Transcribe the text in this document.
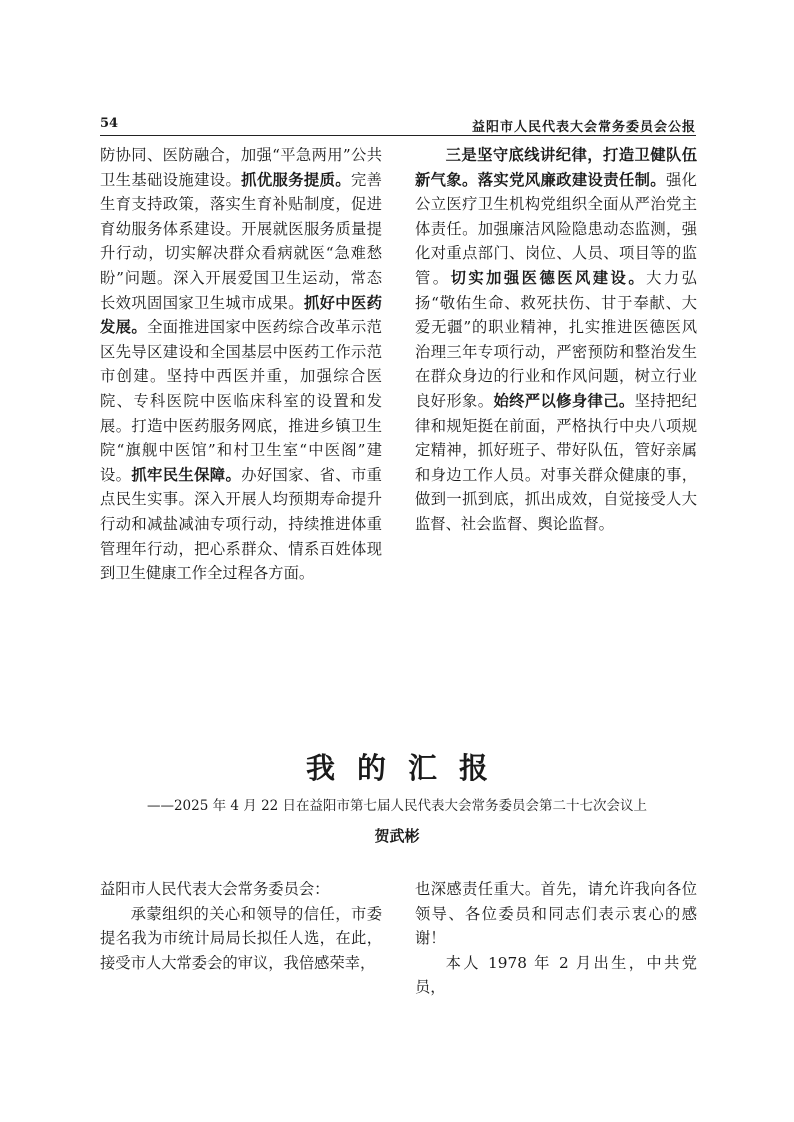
54	益阳市人民代表大会常务委员会公报

防协同、医防融合，加强“平急两用”公共卫生基础设施建设。抓优服务提质。完善生育支持政策，落实生育补贴制度，促进育幼服务体系建设。开展就医服务质量提升行动，切实解决群众看病就医“急难愁盼”问题。深入开展爱国卫生运动，常态长效巩固国家卫生城市成果。抓好中医药发展。全面推进国家中医药综合改革示范区先导区建设和全国基层中医药工作示范市创建。坚持中西医并重，加强综合医院、专科医院中医临床科室的设置和发展。打造中医药服务网底，推进乡镇卫生院“旗舰中医馆”和村卫生室“中医阁”建设。抓牢民生保障。办好国家、省、市重点民生实事。深入开展人均预期寿命提升行动和减盐减油专项行动，持续推进体重管理年行动，把心系群众、情系百姓体现到卫生健康工作全过程各方面。

三是坚守底线讲纪律，打造卫健队伍新气象。落实党风廉政建设责任制。强化公立医疗卫生机构党组织全面从严治党主体责任。加强廉洁风险隐患动态监测，强化对重点部门、岗位、人员、项目等的监管。切实加强医德医风建设。大力弘扬“敬佑生命、救死扶伤、甘于奉献、大爱无疆”的职业精神，扎实推进医德医风治理三年专项行动，严密预防和整治发生在群众身边的行业和作风问题，树立行业良好形象。始终严以修身律己。坚持把纪律和规矩挺在前面，严格执行中央八项规定精神，抓好班子、带好队伍，管好亲属和身边工作人员。对事关群众健康的事，做到一抓到底，抓出成效，自觉接受人大监督、社会监督、舆论监督。

我的汇报
——2025 年 4 月 22 日在益阳市第七届人民代表大会常务委员会第二十七次会议上
贺武彬

益阳市人民代表大会常务委员会：

承蒙组织的关心和领导的信任，市委提名我为市统计局局长拟任人选，在此，接受市人大常委会的审议，我倍感荣幸，

也深感责任重大。首先，请允许我向各位领导、各位委员和同志们表示衷心的感谢！

本人 1978 年 2 月出生，中共党员，
